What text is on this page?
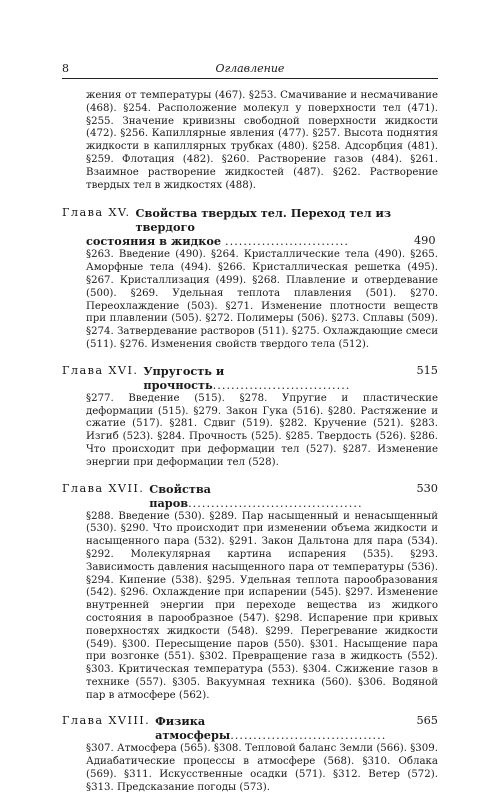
8	Оглавление

жения от температуры (467). §253. Смачивание и несмачивание (468). §254. Расположение молекул у поверхности тел (471). §255. Значение кривизны свободной поверхности жидкости (472). §256. Капиллярные явления (477). §257. Высота поднятия жидкости в капиллярных трубках (480). §258. Адсорбция (481). §259. Флотация (482). §260. Растворение газов (484). §261. Взаимное растворение жидкостей (487). §262. Растворение твердых тел в жидкостях (488).

Глава XV. Свойства твердых тел. Переход тел из твердого
состояния в жидкое ...........................	490

§263. Введение (490). §264. Кристаллические тела (490). §265. Аморфные тела (494). §266. Кристаллическая решетка (495). §267. Кристаллизация (499). §268. Плавление и отвердевание (500). §269. Удельная теплота плавления (501). §270. Переохлаждение (503). §271. Изменение плотности веществ при плавлении (505). §272. Полимеры (506). §273. Сплавы (509). §274. Затвердевание растворов (511). §275. Охлаждающие смеси (511). §276. Изменения свойств твердого тела (512).

Глава XVI. Упругость и прочность..............................
515

§277. Введение (515). §278. Упругие и пластические деформации (515). §279. Закон Гука (516). §280. Растяжение и сжатие (517). §281. Сдвиг (519). §282. Кручение (521). §283. Изгиб (523). §284. Прочность (525). §285. Твердость (526). §286. Что происходит при деформации тел (527). §287. Изменение энергии при деформации тел (528).

Глава XVII. Свойства паров......................................
530

§288. Введение (530). §289. Пар насыщенный и ненасыщенный (530). §290. Что происходит при изменении объема жидкости и насыщенного пара (532). §291. Закон Дальтона для пара (534). §292. Молекулярная картина испарения (535). §293. Зависимость давления насыщенного пара от температуры (536). §294. Кипение (538). §295. Удельная теплота парообразования (542). §296. Охлаждение при испарении (545). §297. Изменение внутренней энергии при переходе вещества из жидкого состояния в парообразное (547). §298. Испарение при кривых поверхностях жидкости (548). §299. Перегревание жидкости (549). §300. Пересыщение паров (550). §301. Насыщение пара при возгонке (551). §302. Превращение газа в жидкость (552). §303. Критическая температура (553). §304. Сжижение газов в технике (557). §305. Вакуумная техника (560). §306. Водяной пар в атмосфере (562).

Глава XVIII. Физика атмосферы..................................
565

§307. Атмосфера (565). §308. Тепловой баланс Земли (566). §309. Адиабатические процессы в атмосфере (568). §310. Облака (569). §311. Искусственные осадки (571). §312. Ветер (572). §313. Предсказание погоды (573).
